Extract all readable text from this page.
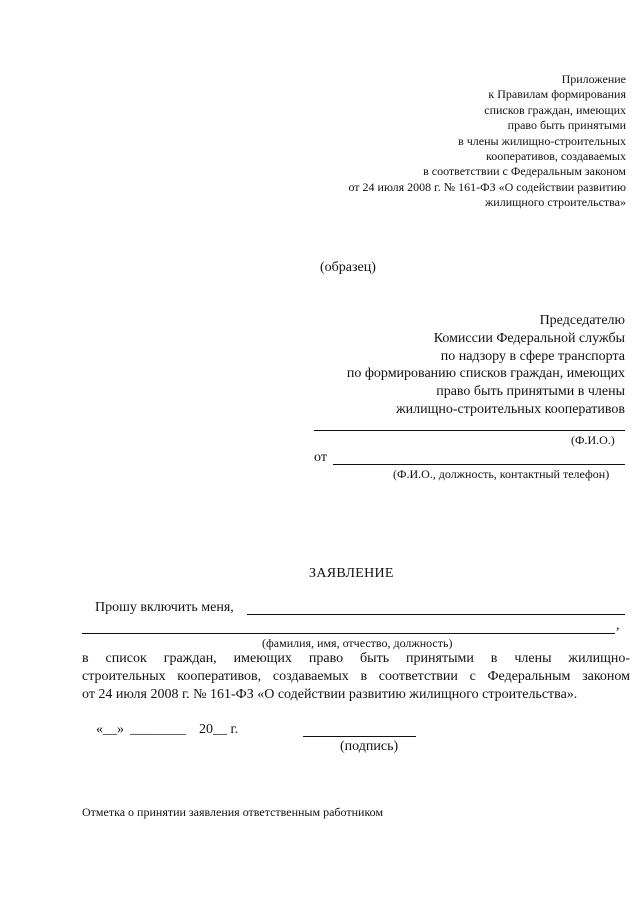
Приложение
к Правилам формирования
списков граждан, имеющих
право быть принятыми
в члены жилищно-строительных
кооперативов, создаваемых
в соответствии с Федеральным законом
от 24 июля 2008 г. № 161-ФЗ «О содействии развитию
жилищного строительства»
(образец)
Председателю
Комиссии Федеральной службы
по надзору в сфере транспорта
по формированию списков граждан, имеющих
право быть принятыми в члены
жилищно-строительных кооперативов
(Ф.И.О.)
от
(Ф.И.О., должность, контактный телефон)
ЗАЯВЛЕНИЕ
Прошу включить меня,
,
(фамилия, имя, отчество, должность)
в список граждан, имеющих право быть принятыми в члены жилищно-
строительных кооперативов, создаваемых в соответствии с Федеральным законом
от 24 июля 2008 г. № 161-ФЗ «О содействии развитию жилищного строительства».
«__» ________ 20__ г.
(подпись)
Отметка о принятии заявления ответственным работником
